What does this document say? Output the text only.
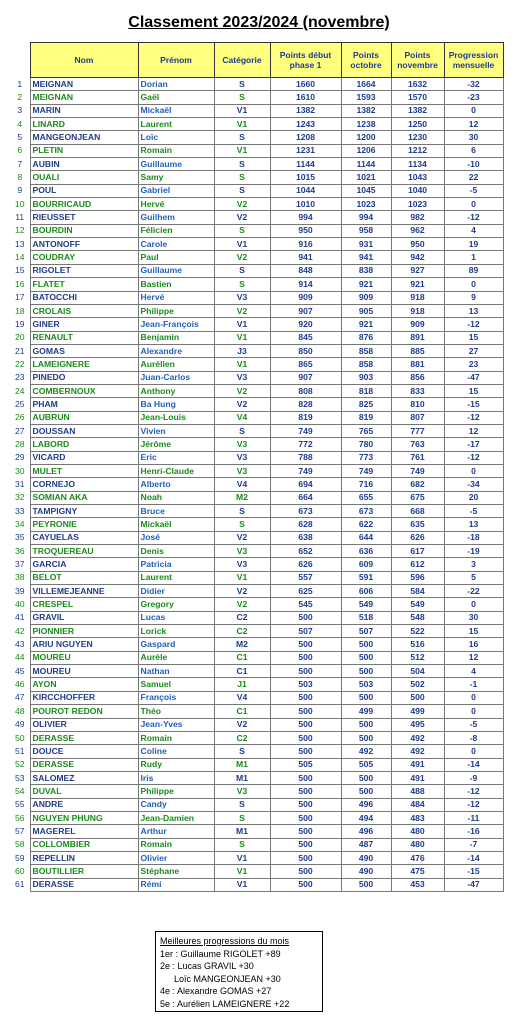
Classement 2023/2024 (novembre)
	Nom	Prénom	Catégorie	Points début phase 1	Points octobre	Points novembre	Progression mensuelle
1	MEIGNAN	Dorian	S	1660	1664	1632	-32
2	MEIGNAN	Gaël	S	1610	1593	1570	-23
3	MARIN	Mickaël	V1	1382	1382	1382	0
4	LINARD	Laurent	V1	1243	1238	1250	12
5	MANGEONJEAN	Loïc	S	1208	1200	1230	30
6	PLETIN	Romain	V1	1231	1206	1212	6
7	AUBIN	Guillaume	S	1144	1144	1134	-10
8	OUALI	Samy	S	1015	1021	1043	22
9	POUL	Gabriel	S	1044	1045	1040	-5
10	BOURRICAUD	Hervé	V2	1010	1023	1023	0
11	RIEUSSET	Guilhem	V2	994	994	982	-12
12	BOURDIN	Félicien	S	950	958	962	4
13	ANTONOFF	Carole	V1	916	931	950	19
14	COUDRAY	Paul	V2	941	941	942	1
15	RIGOLET	Guillaume	S	848	838	927	89
16	FLATET	Bastien	S	914	921	921	0
17	BATOCCHI	Hervé	V3	909	909	918	9
18	CROLAIS	Philippe	V2	907	905	918	13
19	GINER	Jean-François	V1	920	921	909	-12
20	RENAULT	Benjamin	V1	845	876	891	15
21	GOMAS	Alexandre	J3	850	858	885	27
22	LAMEIGNERE	Aurélien	V1	865	858	881	23
23	PINEDO	Juan-Carlos	V3	907	903	856	-47
24	COMBERNOUX	Anthony	V2	808	818	833	15
25	PHAM	Ba Hung	V2	828	825	810	-15
26	AUBRUN	Jean-Louis	V4	819	819	807	-12
27	DOUSSAN	Vivien	S	749	765	777	12
28	LABORD	Jérôme	V3	772	780	763	-17
29	VICARD	Eric	V3	788	773	761	-12
30	MULET	Henri-Claude	V3	749	749	749	0
31	CORNEJO	Alberto	V4	694	716	682	-34
32	SOMIAN AKA	Noah	M2	664	655	675	20
33	TAMPIGNY	Bruce	S	673	673	668	-5
34	PEYRONIE	Mickaël	S	628	622	635	13
35	CAYUELAS	José	V2	638	644	626	-18
36	TROQUEREAU	Denis	V3	652	636	617	-19
37	GARCIA	Patricia	V3	626	609	612	3
38	BELOT	Laurent	V1	557	591	596	5
39	VILLEMEJEANNE	Didier	V2	625	606	584	-22
40	CRESPEL	Gregory	V2	545	549	549	0
41	GRAVIL	Lucas	C2	500	518	548	30
42	PIONNIER	Lorick	C2	507	507	522	15
43	ARIU NGUYEN	Gaspard	M2	500	500	516	16
44	MOUREU	Aurèle	C1	500	500	512	12
45	MOUREU	Nathan	C1	500	500	504	4
46	AYON	Samuel	J1	503	503	502	-1
47	KIRCCHOFFER	François	V4	500	500	500	0
48	POUROT REDON	Théo	C1	500	499	499	0
49	OLIVIER	Jean-Yves	V2	500	500	495	-5
50	DERASSE	Romain	C2	500	500	492	-8
51	DOUCE	Coline	S	500	492	492	0
52	DERASSE	Rudy	M1	505	505	491	-14
53	SALOMEZ	Iris	M1	500	500	491	-9
54	DUVAL	Philippe	V3	500	500	488	-12
55	ANDRE	Candy	S	500	496	484	-12
56	NGUYEN PHUNG	Jean-Damien	S	500	494	483	-11
57	MAGEREL	Arthur	M1	500	496	480	-16
58	COLLOMBIER	Romain	S	500	487	480	-7
59	REPELLIN	Olivier	V1	500	490	476	-14
60	BOUTILLIER	Stéphane	V1	500	490	475	-15
61	DERASSE	Rémi	V1	500	500	453	-47
Meilleures progressions du mois
1er : Guillaume RIGOLET +89
2e : Lucas GRAVIL +30
Loïc MANGEONJEAN +30
4e : Alexandre GOMAS +27
5e : Aurélien LAMEIGNERE +22
